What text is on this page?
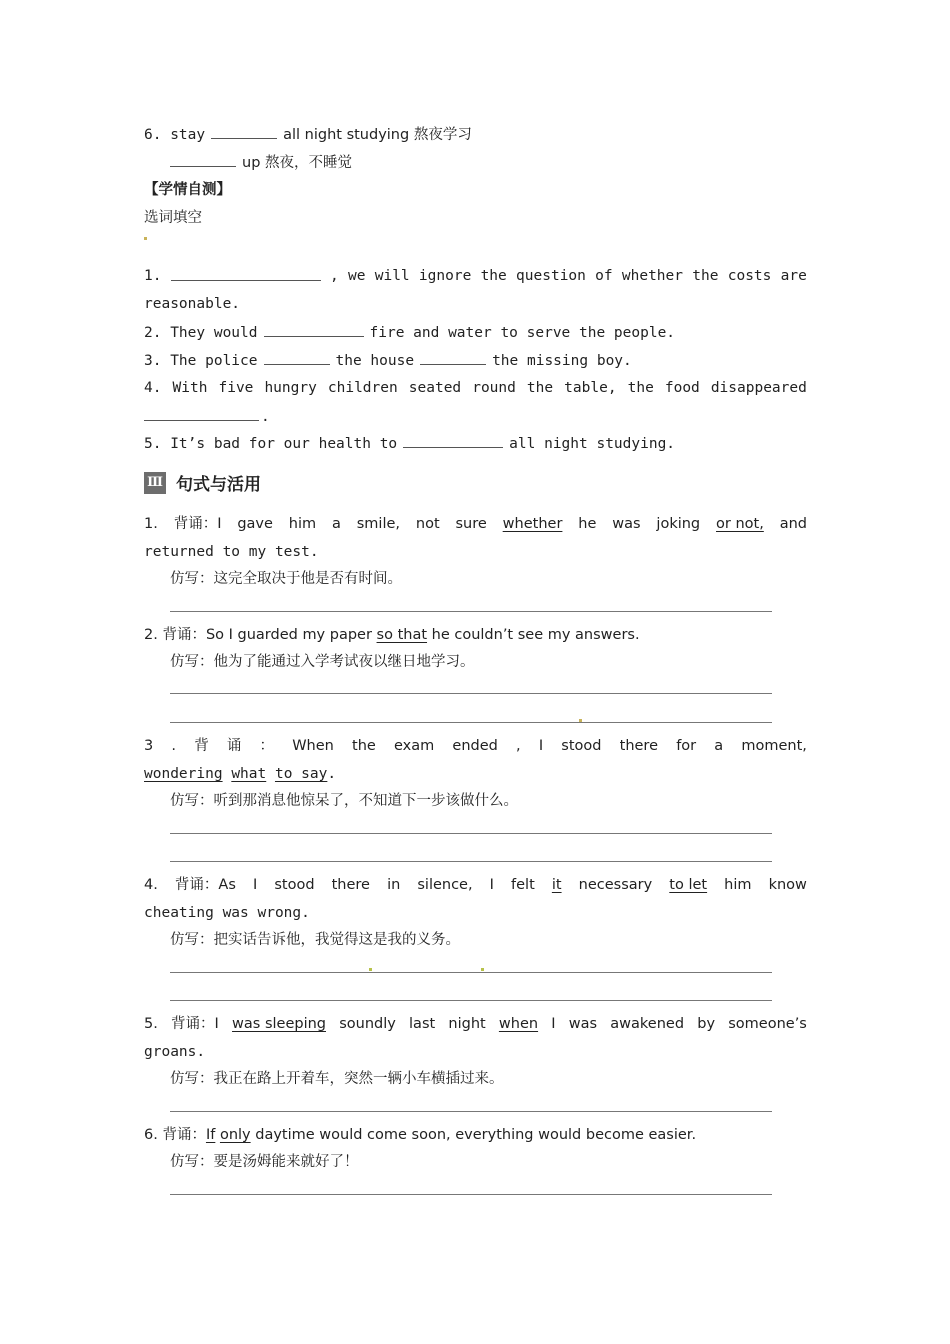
6. stay	all night studying 熬夜学习
up 熬夜，不睡觉
【学情自测】
选词填空
1.	, we will ignore the question of whether the costs are
reasonable.
2. They would	fire and water to serve the people.
3. The police	the house	the missing boy.
4. With five hungry children seated round the table, the food disappeared
.
5. It’s bad for our health to	all night studying.
Ⅲ 句式与活用
1. 背诵：I gave him a smile, not sure whether he was joking or not, and
returned to my test.
仿写：这完全取决于他是否有时间。
2. 背诵：So I guarded my paper so that he couldn’t see my answers.
仿写：他为了能通过入学考试夜以继日地学习。
3 . 背 诵 ： When the exam ended , I stood there for a moment,
wondering what to say.
仿写：听到那消息他惊呆了，不知道下一步该做什么。
4. 背诵：As I stood there in silence, I felt it necessary to let him know
cheating was wrong.
仿写：把实话告诉他，我觉得这是我的义务。
5. 背诵：I was sleeping soundly last night when I was awakened by someone’s
groans.
仿写：我正在路上开着车，突然一辆小车横插过来。
6. 背诵：If only daytime would come soon, everything would become easier.
仿写：要是汤姆能来就好了！
